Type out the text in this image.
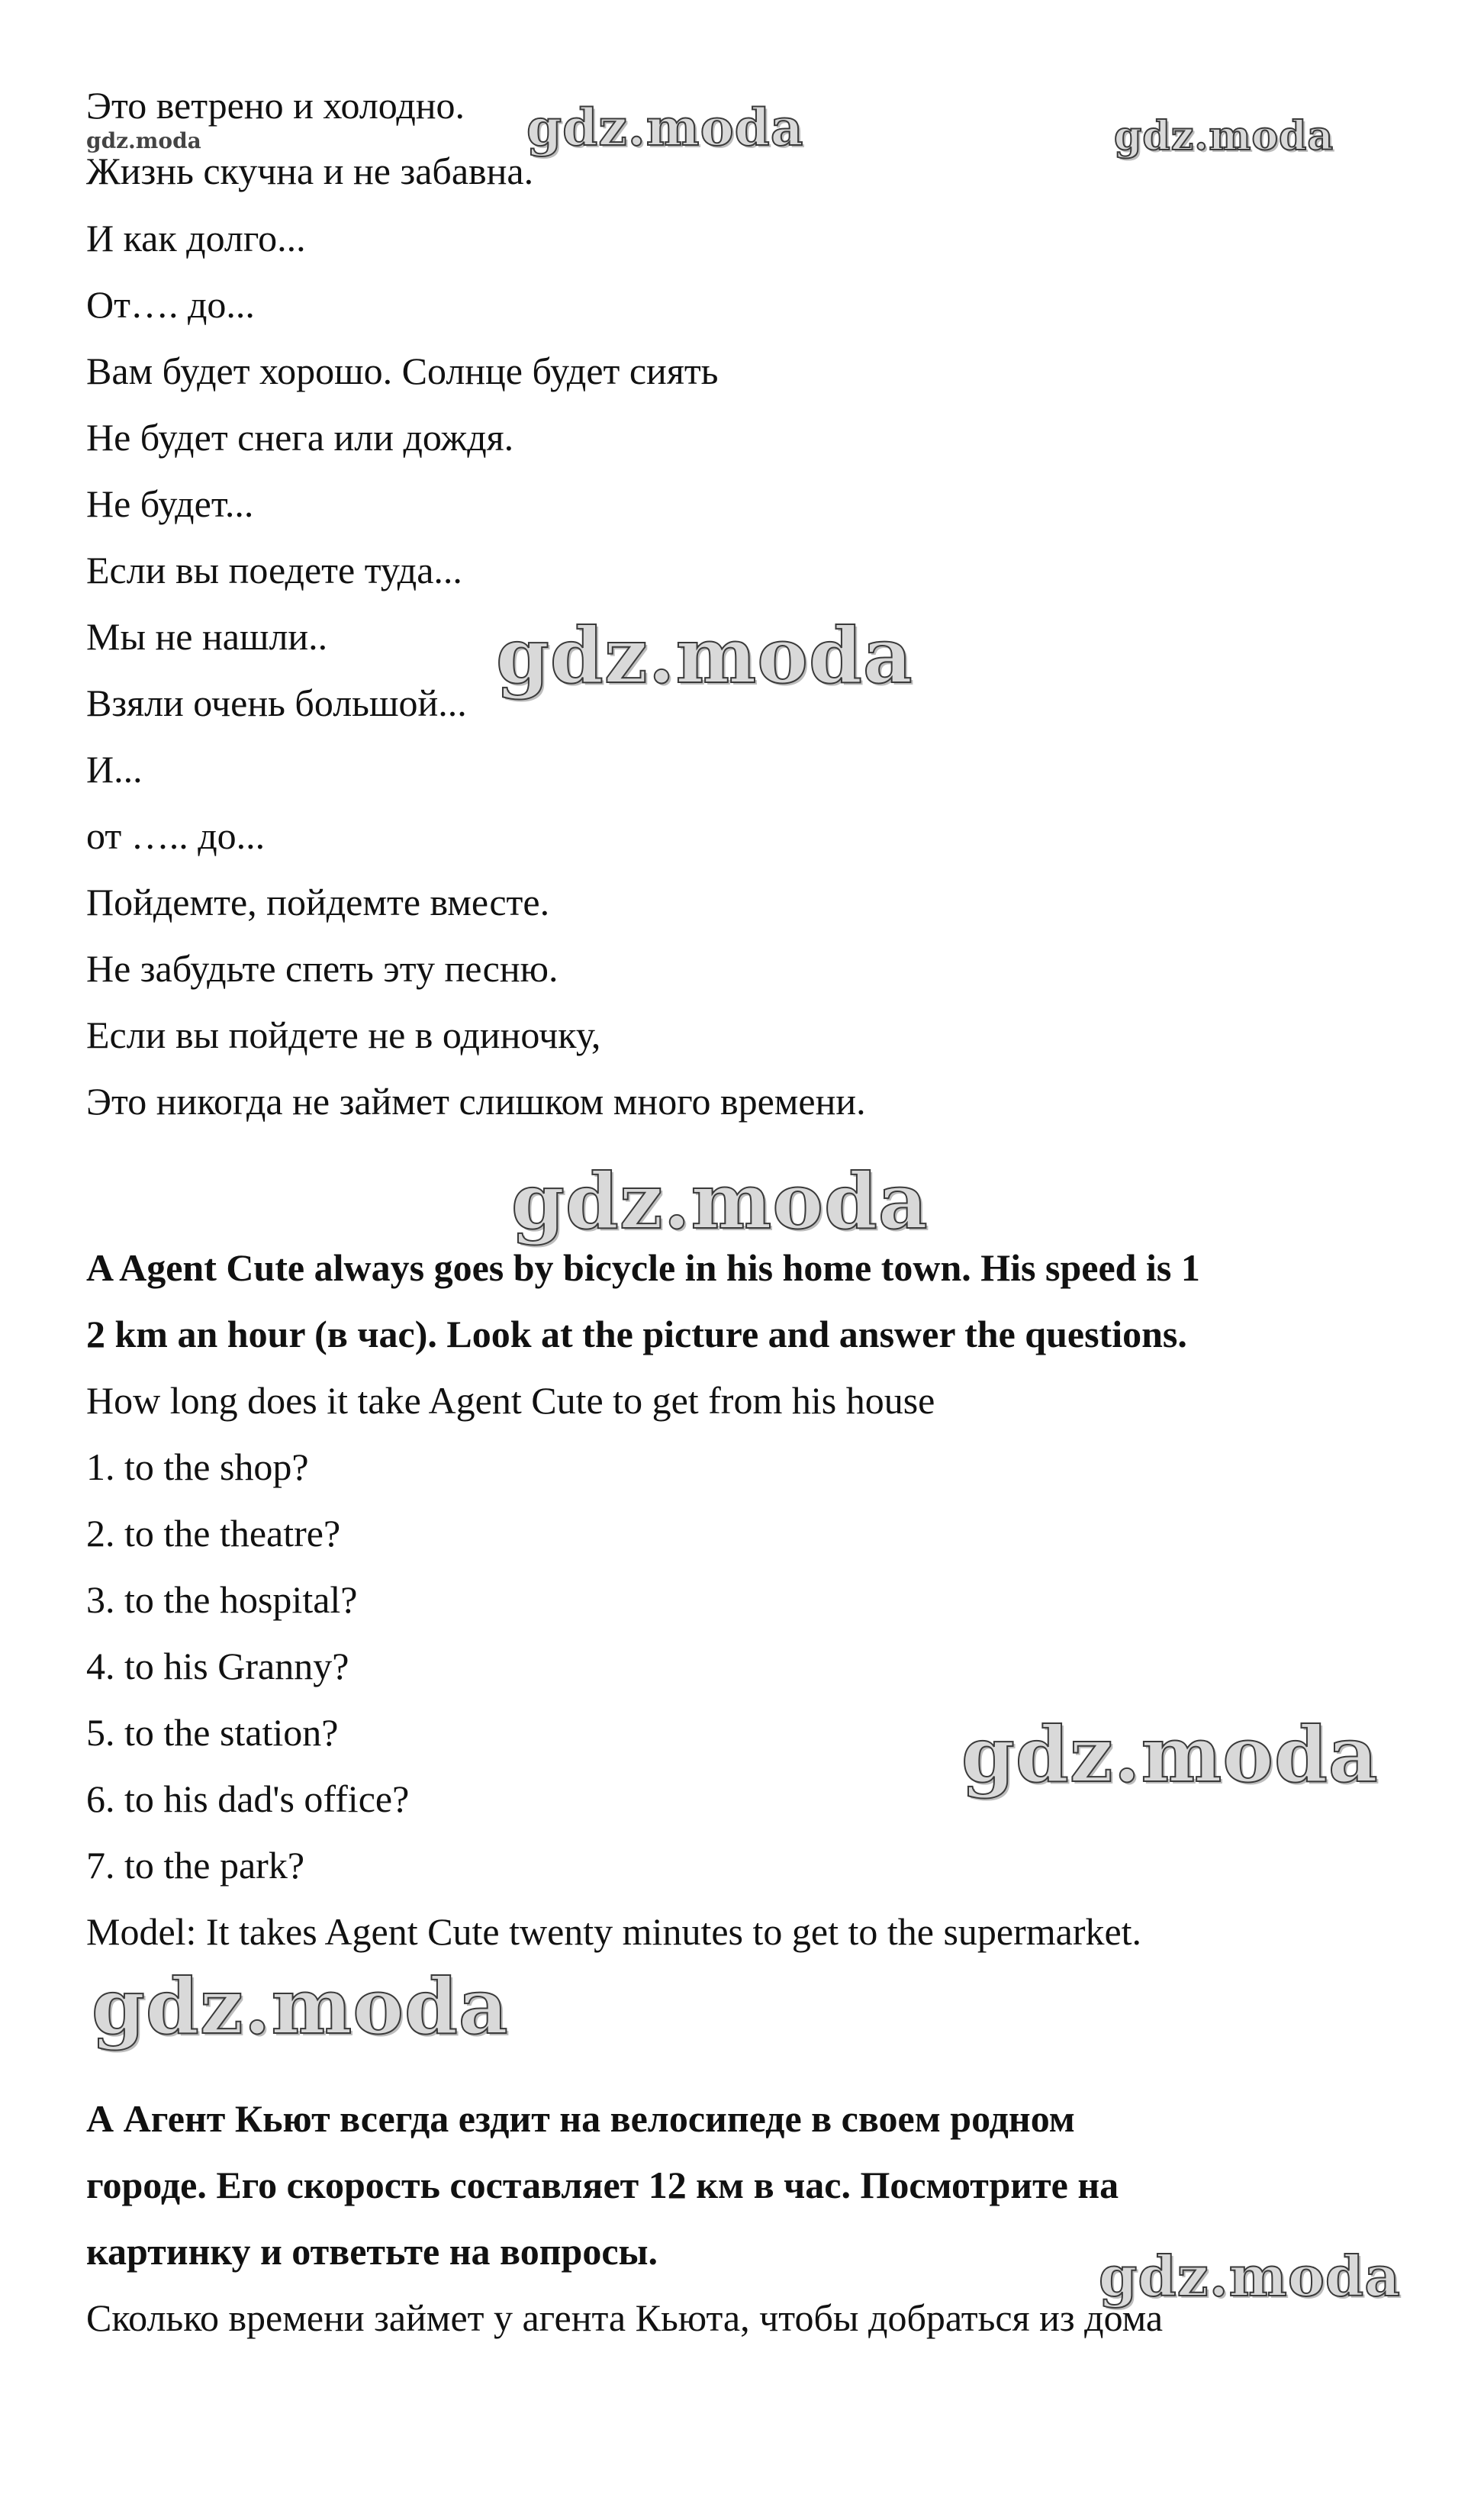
Это ветрено и холодно.
Жизнь скучна и не забавна.
И как долго...
От…. до...
Вам будет хорошо. Солнце будет сиять
Не будет снега или дождя.
Не будет...
Если вы поедете туда...
Мы не нашли..
Взяли очень большой...
И...
от ….. до...
Пойдемте, пойдемте вместе.
Не забудьте спеть эту песню.
Если вы пойдете не в одиночку,
Это никогда не займет слишком много времени.
A Agent Cute always goes by bicycle in his home town. His speed is 1
2 km an hour (в час). Look at the picture and answer the questions.
How long does it take Agent Cute to get from his house
1. to the shop?
2. to the theatre?
3. to the hospital?
4. to his Granny?
5. to the station?
6. to his dad's office?
7. to the park?
Model: It takes Agent Cute twenty minutes to get to the supermarket.
А Агент Кьют всегда ездит на велосипеде в своем родном
городе. Его скорость составляет 12 км в час. Посмотрите на
картинку и ответьте на вопросы.
Сколько времени займет у агента Кьюта, чтобы добраться из дома
gdz.moda
gdz.moda	gdz.moda
gdz.moda
gdz.moda
gdz.moda
gdz.moda
gdz.moda
